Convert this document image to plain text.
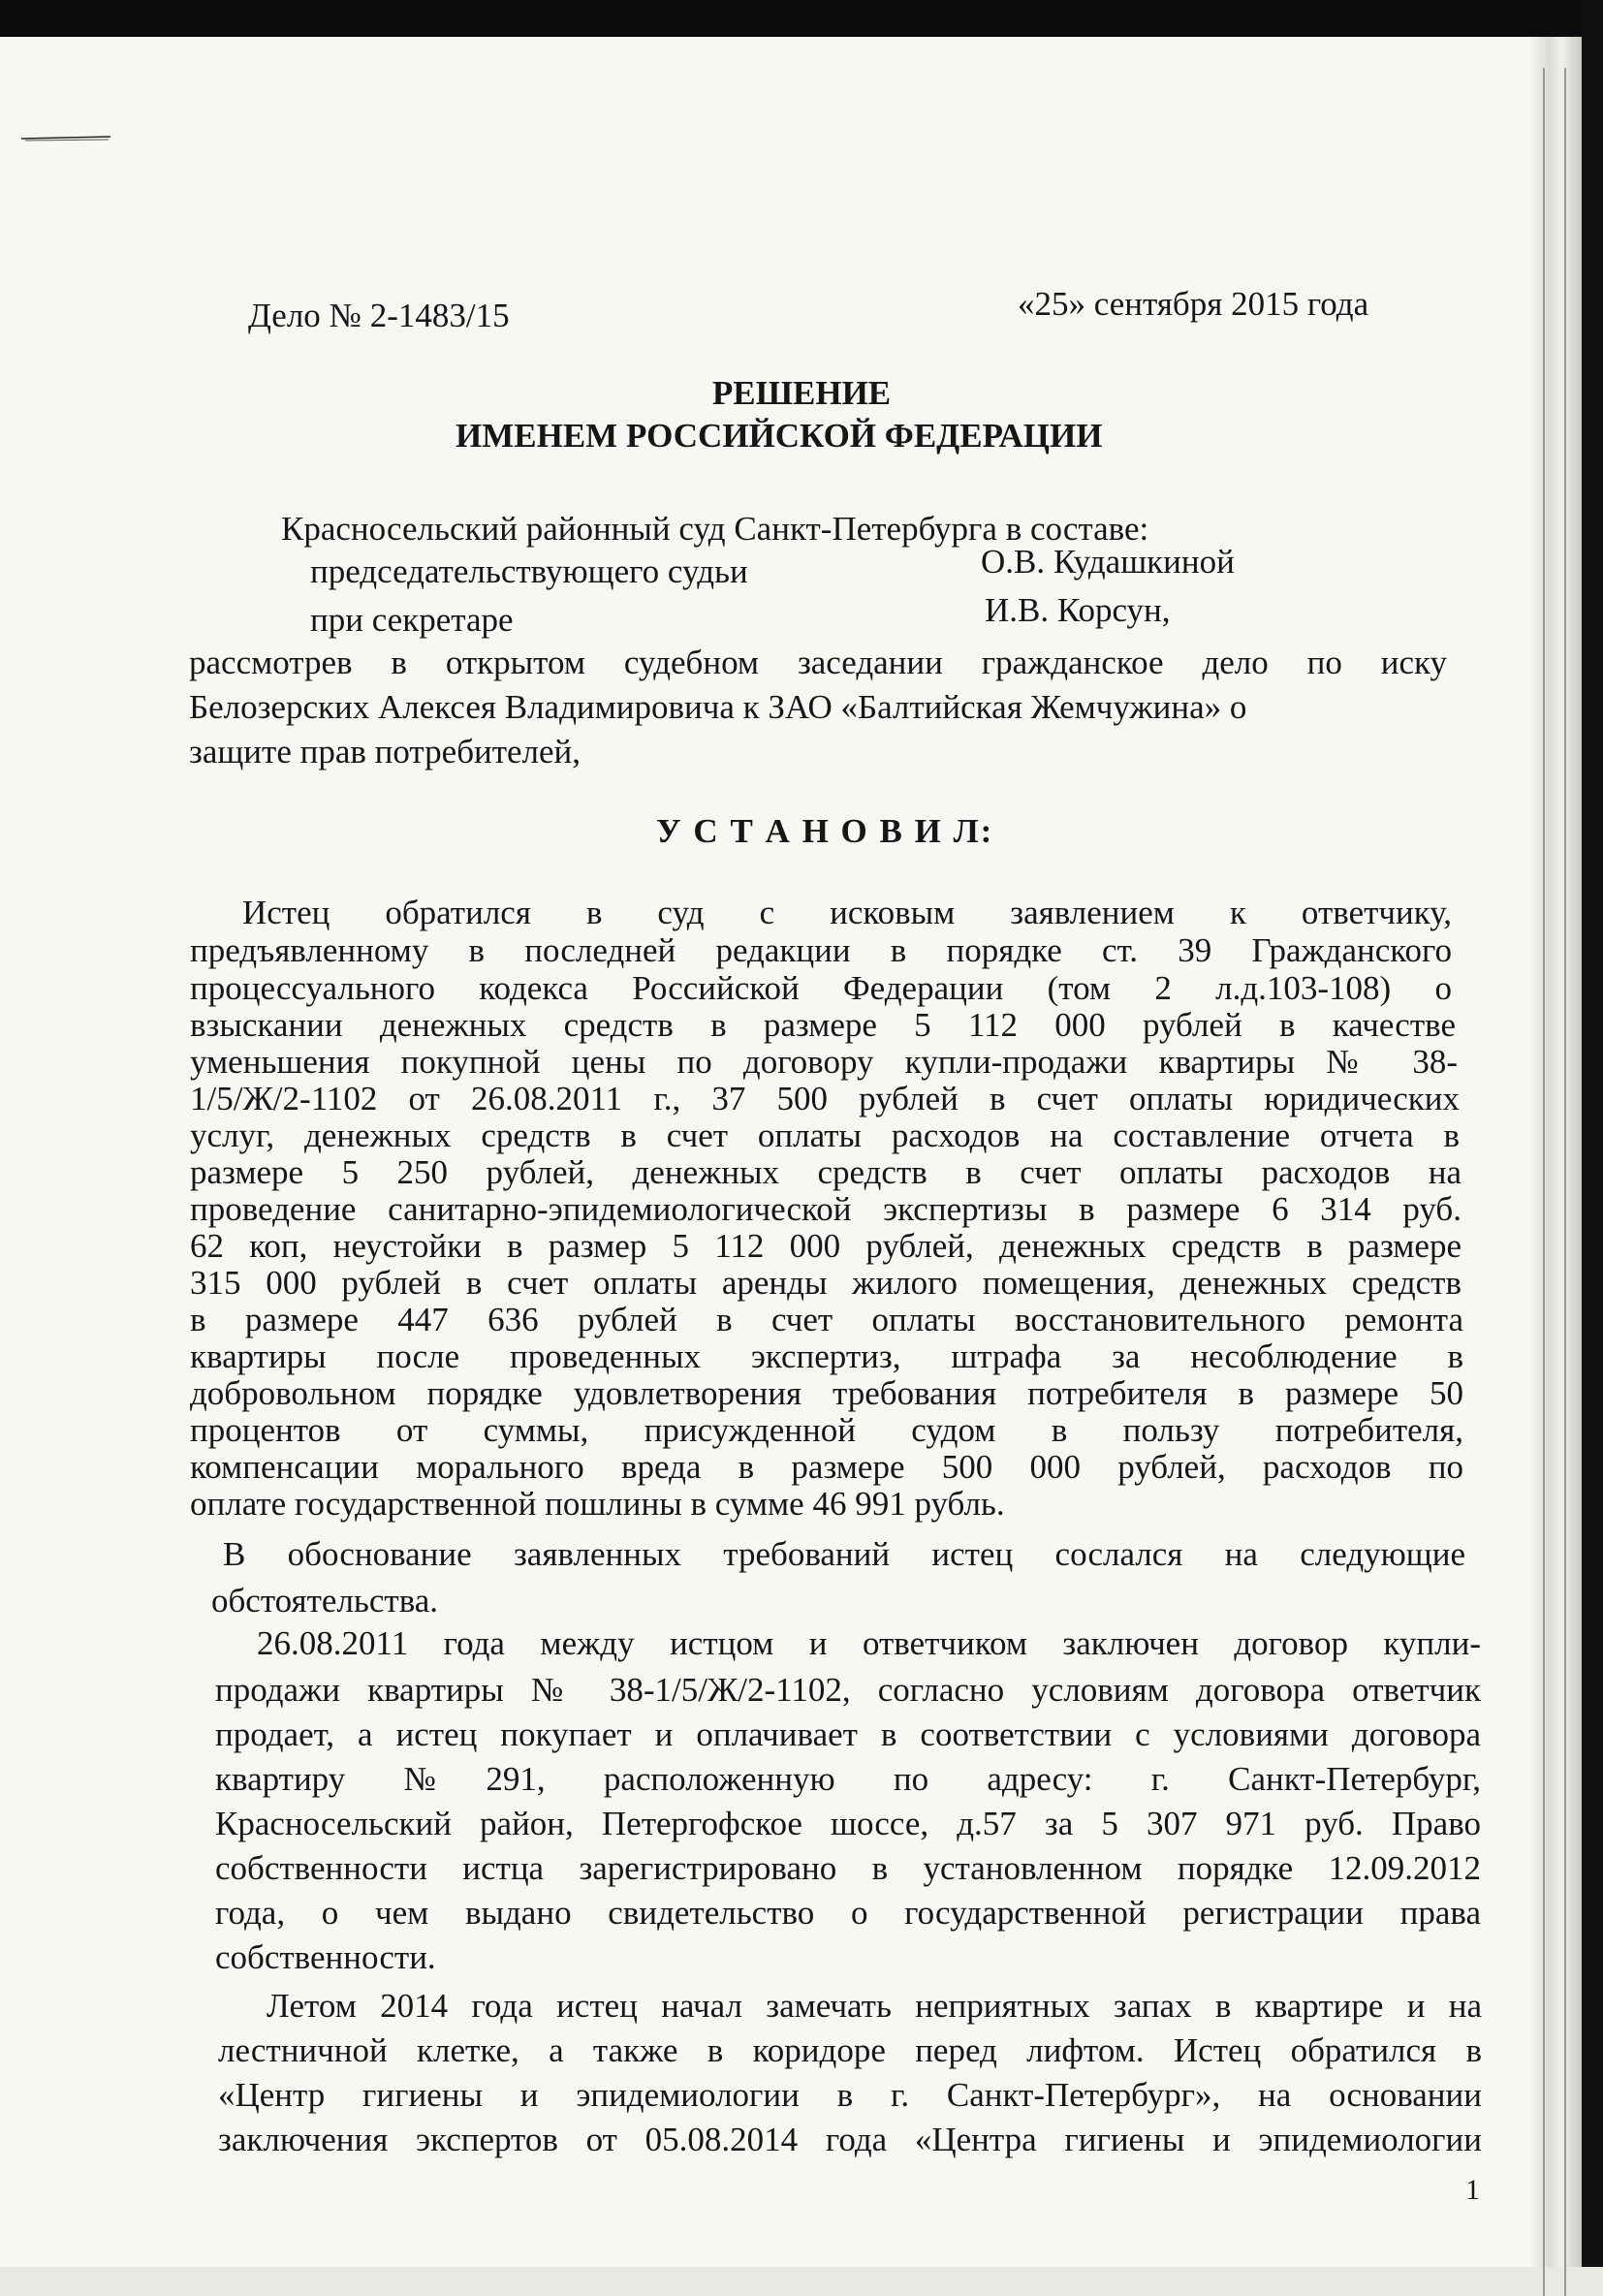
Дело № 2-1483/15	«25» сентября 2015 года
РЕШЕНИЕ
ИМЕНЕМ РОССИЙСКОЙ ФЕДЕРАЦИИ
Красносельский районный суд Санкт-Петербурга в составе:
председательствующего судьи	О.В. Кудашкиной
при секретаре	И.В. Корсун,
рассмотрев в открытом судебном заседании гражданское дело по иску
Белозерских Алексея Владимировича к ЗАО «Балтийская Жемчужина» о
защите прав потребителей,
У С Т А Н О В И Л:
Истец обратился в суд с исковым заявлением к ответчику,
предъявленному в последней редакции в порядке ст. 39 Гражданского
процессуального кодекса Российской Федерации (том 2 л.д.103-108) о
взыскании денежных средств в размере 5 112 000 рублей в качестве
уменьшения покупной цены по договору купли-продажи квартиры № 38-
1/5/Ж/2-1102 от 26.08.2011 г., 37 500 рублей в счет оплаты юридических
услуг, денежных средств в счет оплаты расходов на составление отчета в
размере 5 250 рублей, денежных средств в счет оплаты расходов на
проведение санитарно-эпидемиологической экспертизы в размере 6 314 руб.
62 коп, неустойки в размер 5 112 000 рублей, денежных средств в размере
315 000 рублей в счет оплаты аренды жилого помещения, денежных средств
в размере 447 636 рублей в счет оплаты восстановительного ремонта
квартиры после проведенных экспертиз, штрафа за несоблюдение в
добровольном порядке удовлетворения требования потребителя в размере 50
процентов от суммы, присужденной судом в пользу потребителя,
компенсации морального вреда в размере 500 000 рублей, расходов по
оплате государственной пошлины в сумме 46 991 рубль.
В обоснование заявленных требований истец сослался на следующие
обстоятельства.
26.08.2011 года между истцом и ответчиком заключен договор купли-
продажи квартиры № 38-1/5/Ж/2-1102, согласно условиям договора ответчик
продает, а истец покупает и оплачивает в соответствии с условиями договора
квартиру №291, расположенную по адресу: г. Санкт-Петербург,
Красносельский район, Петергофское шоссе, д.57 за 5 307 971 руб. Право
собственности истца зарегистрировано в установленном порядке 12.09.2012
года, о чем выдано свидетельство о государственной регистрации права
собственности.
Летом 2014 года истец начал замечать неприятных запах в квартире и на
лестничной клетке, а также в коридоре перед лифтом. Истец обратился в
«Центр гигиены и эпидемиологии в г. Санкт-Петербург», на основании
заключения экспертов от 05.08.2014 года «Центра гигиены и эпидемиологии
1
